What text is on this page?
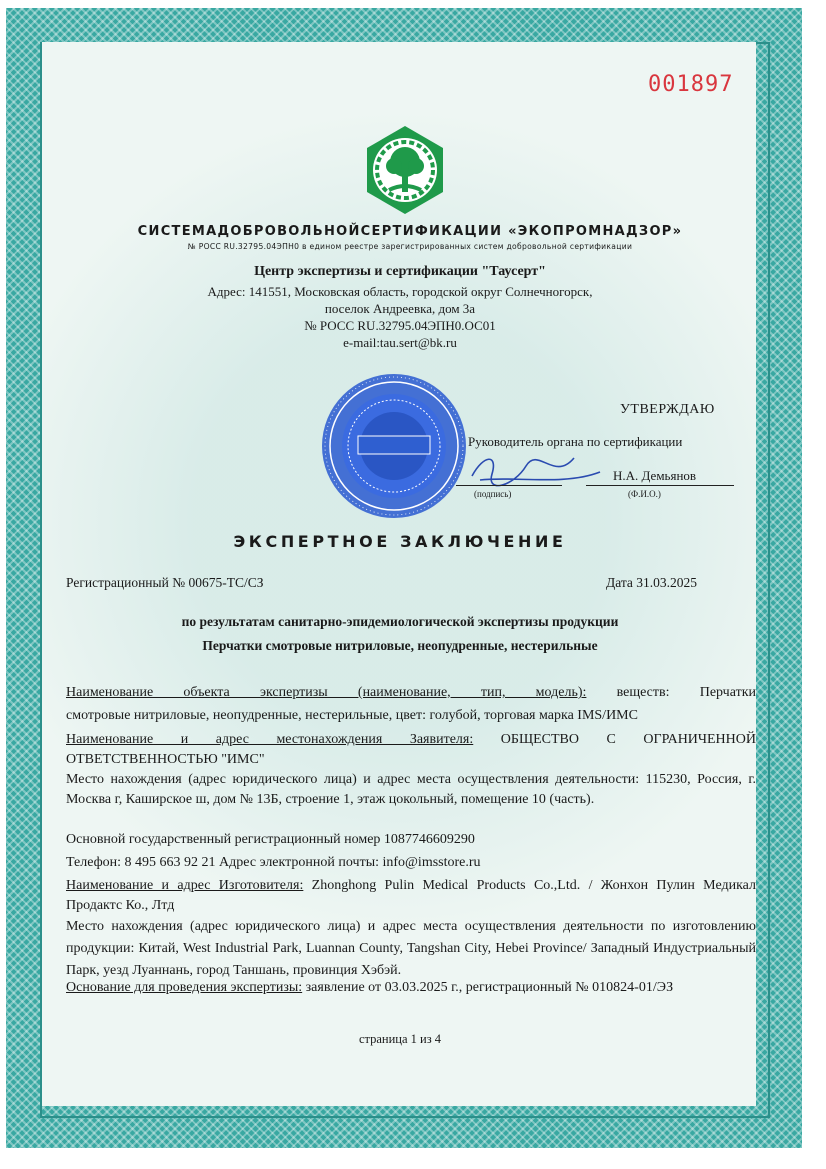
001897
СИСТЕМАДОБРОВОЛЬНОЙСЕРТИФИКАЦИИ «ЭКОПРОМНАДЗОР»
№ РОСС RU.32795.04ЭПН0 в едином реестре зарегистрированных систем добровольной сертификации
Центр экспертизы и сертификации "Таусерт"
Адрес: 141551, Московская область, городской округ Солнечногорск,
поселок Андреевка, дом 3а
№ РОСС RU.32795.04ЭПН0.ОС01
e-mail:tau.sert@bk.ru
УТВЕРЖДАЮ
Руководитель органа по сертификации
(подпись)
Н.А. Демьянов
(Ф.И.О.)
ЭКСПЕРТНОЕ ЗАКЛЮЧЕНИЕ
Регистрационный № 00675-ТС/СЗ	Дата 31.03.2025
по результатам санитарно-эпидемиологической экспертизы продукции
Перчатки смотровые нитриловые, неопудренные, нестерильные
Наименование объекта экспертизы (наименование, тип, модель): веществ: Перчатки
смотровые нитриловые, неопудренные, нестерильные, цвет: голубой, торговая марка IMS/ИМС
Наименование и адрес местонахождения Заявителя: ОБЩЕСТВО С ОГРАНИЧЕННОЙ
ОТВЕТСТВЕННОСТЬЮ "ИМС"
Место нахождения (адрес юридического лица) и адрес места осуществления деятельности: 115230, Россия, г. Москва г, Каширское ш, дом № 13Б, строение 1, этаж цокольный, помещение 10 (часть).
Основной государственный регистрационный номер 1087746609290
Телефон: 8 495 663 92 21 Адрес электронной почты: info@imsstore.ru
Наименование и адрес Изготовителя: Zhonghong Pulin Medical Products Co.,Ltd. / Жонхон Пулин Медикал Продактс Ко., Лтд
Место нахождения (адрес юридического лица) и адрес места осуществления деятельности по изготовлению продукции: Китай, West Industrial Park, Luannan County, Tangshan City, Hebei Province/ Западный Индустриальный Парк, уезд Луаннань, город Таншань, провинция Хэбэй.
Основание для проведения экспертизы: заявление от 03.03.2025 г., регистрационный № 010824-01/ЭЗ
страница 1 из 4
